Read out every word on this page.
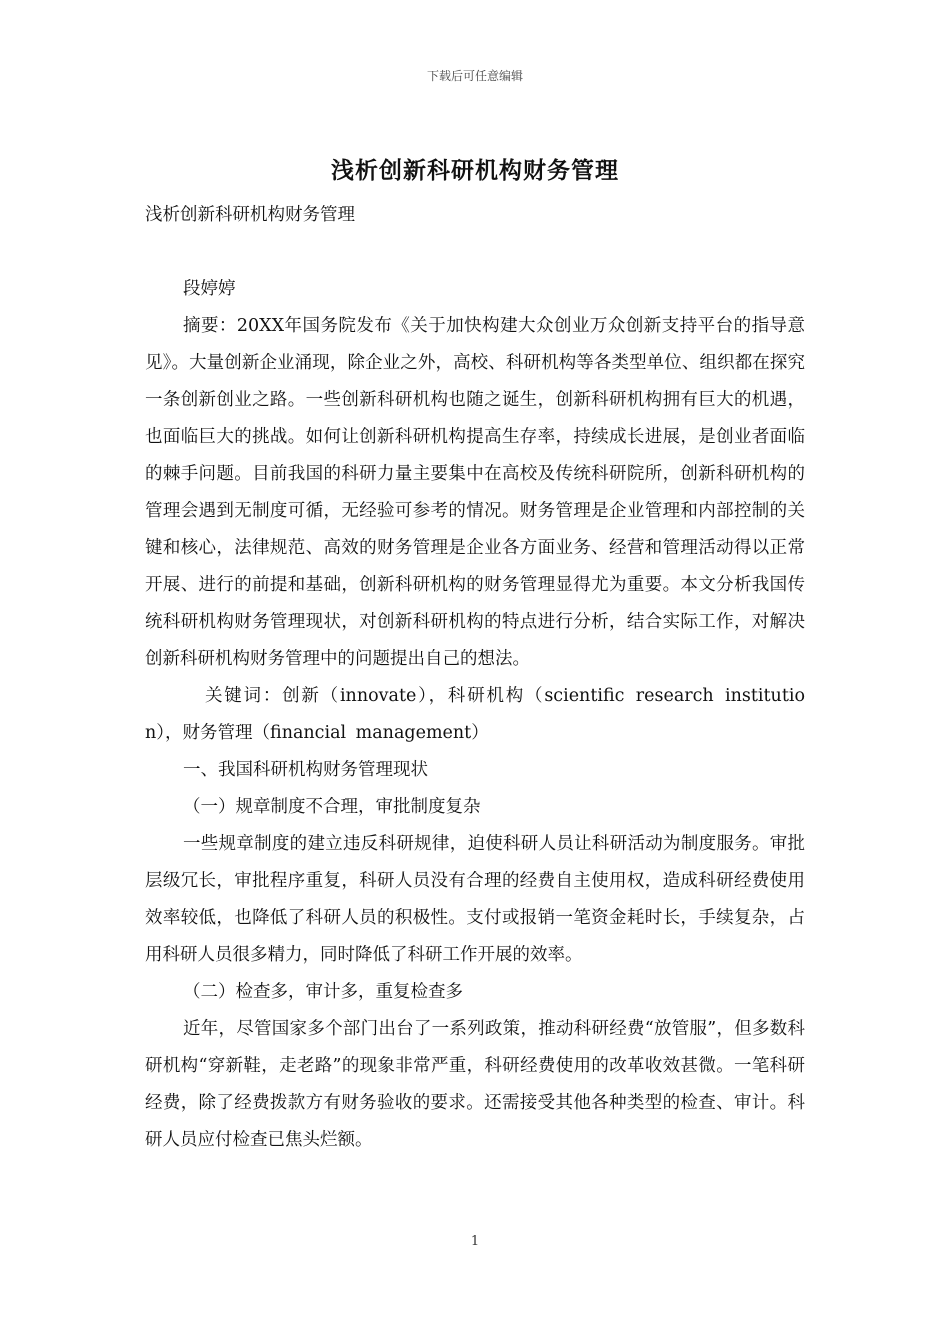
下载后可任意编辑
浅析创新科研机构财务管理

浅析创新科研机构财务管理

段婷婷

摘要：20XX年国务院发布《关于加快构建大众创业万众创新支持平台的指导意见》。大量创新企业涌现，除企业之外，高校、科研机构等各类型单位、组织都在探究一条创新创业之路。一些创新科研机构也随之诞生，创新科研机构拥有巨大的机遇，也面临巨大的挑战。如何让创新科研机构提高生存率，持续成长进展，是创业者面临的棘手问题。目前我国的科研力量主要集中在高校及传统科研院所，创新科研机构的管理会遇到无制度可循，无经验可参考的情况。财务管理是企业管理和内部控制的关键和核心，法律规范、高效的财务管理是企业各方面业务、经营和管理活动得以正常开展、进行的前提和基础，创新科研机构的财务管理显得尤为重要。本文分析我国传统科研机构财务管理现状，对创新科研机构的特点进行分析，结合实际工作，对解决创新科研机构财务管理中的问题提出自己的想法。

关键词：创新（innovate），科研机构（scientific research institution），财务管理（financial management）

一、我国科研机构财务管理现状

（一）规章制度不合理，审批制度复杂

一些规章制度的建立违反科研规律，迫使科研人员让科研活动为制度服务。审批层级冗长，审批程序重复，科研人员没有合理的经费自主使用权，造成科研经费使用效率较低，也降低了科研人员的积极性。支付或报销一笔资金耗时长，手续复杂，占用科研人员很多精力，同时降低了科研工作开展的效率。

（二）检查多，审计多，重复检查多

近年，尽管国家多个部门出台了一系列政策，推动科研经费“放管服”，但多数科研机构“穿新鞋，走老路”的现象非常严重，科研经费使用的改革收效甚微。一笔科研经费，除了经费拨款方有财务验收的要求。还需接受其他各种类型的检查、审计。科研人员应付检查已焦头烂额。

1
